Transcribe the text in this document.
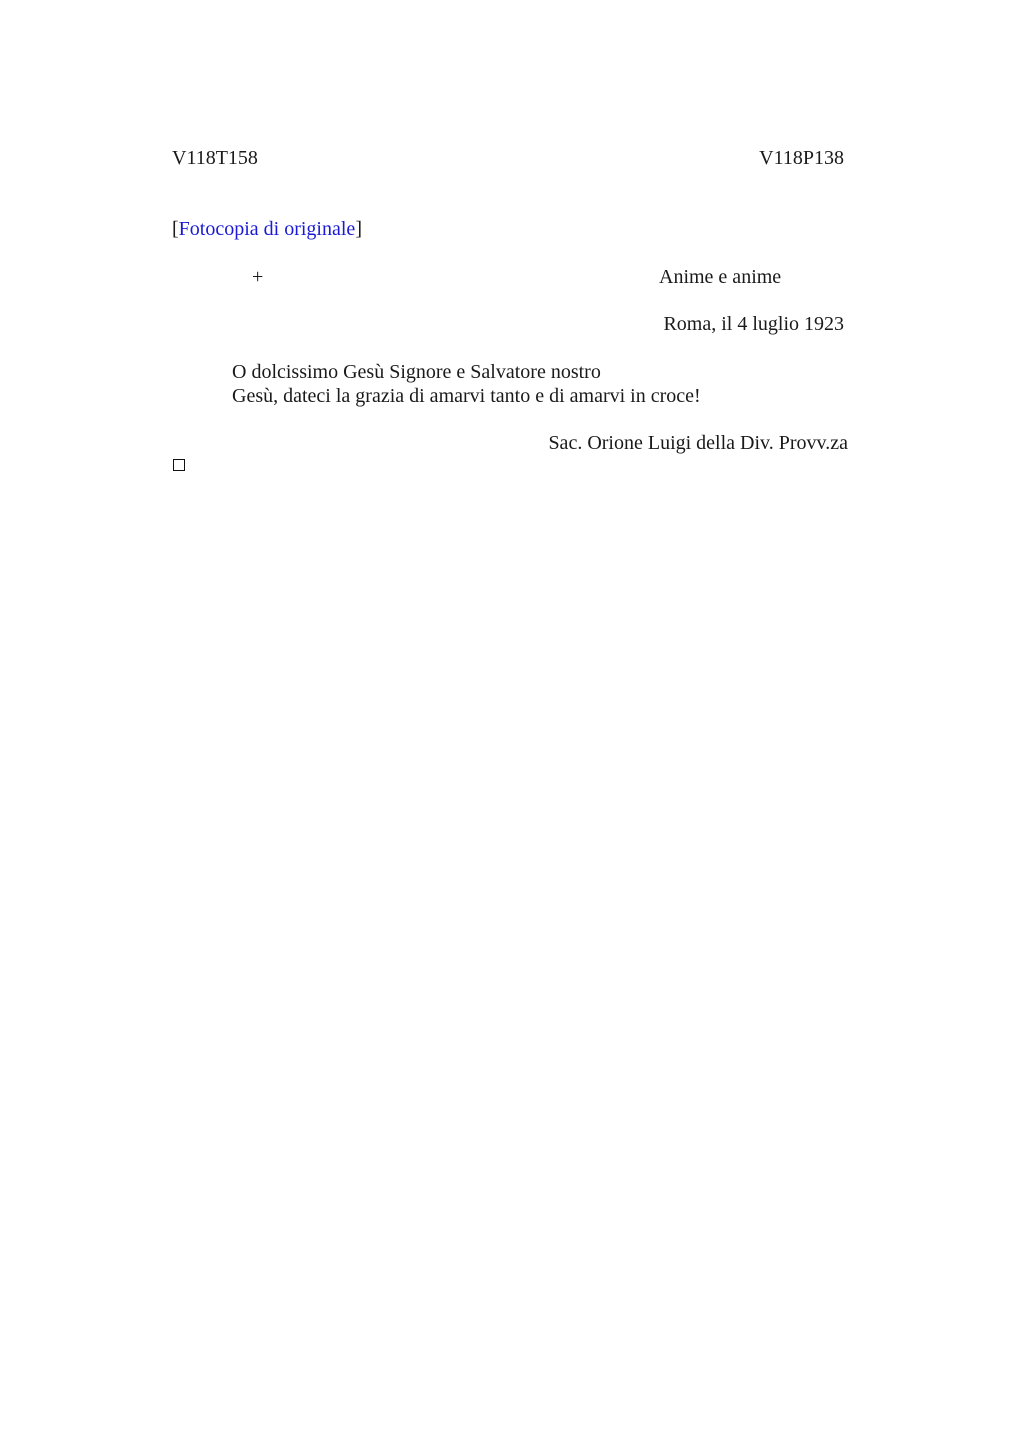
V118T158	V118P138
[Fotocopia di originale]
+	Anime e anime
Roma, il 4 luglio 1923
O dolcissimo Gesù Signore e Salvatore nostro
Gesù, dateci la grazia di amarvi tanto e di amarvi in croce!
Sac. Orione Luigi della Div. Provv.za
